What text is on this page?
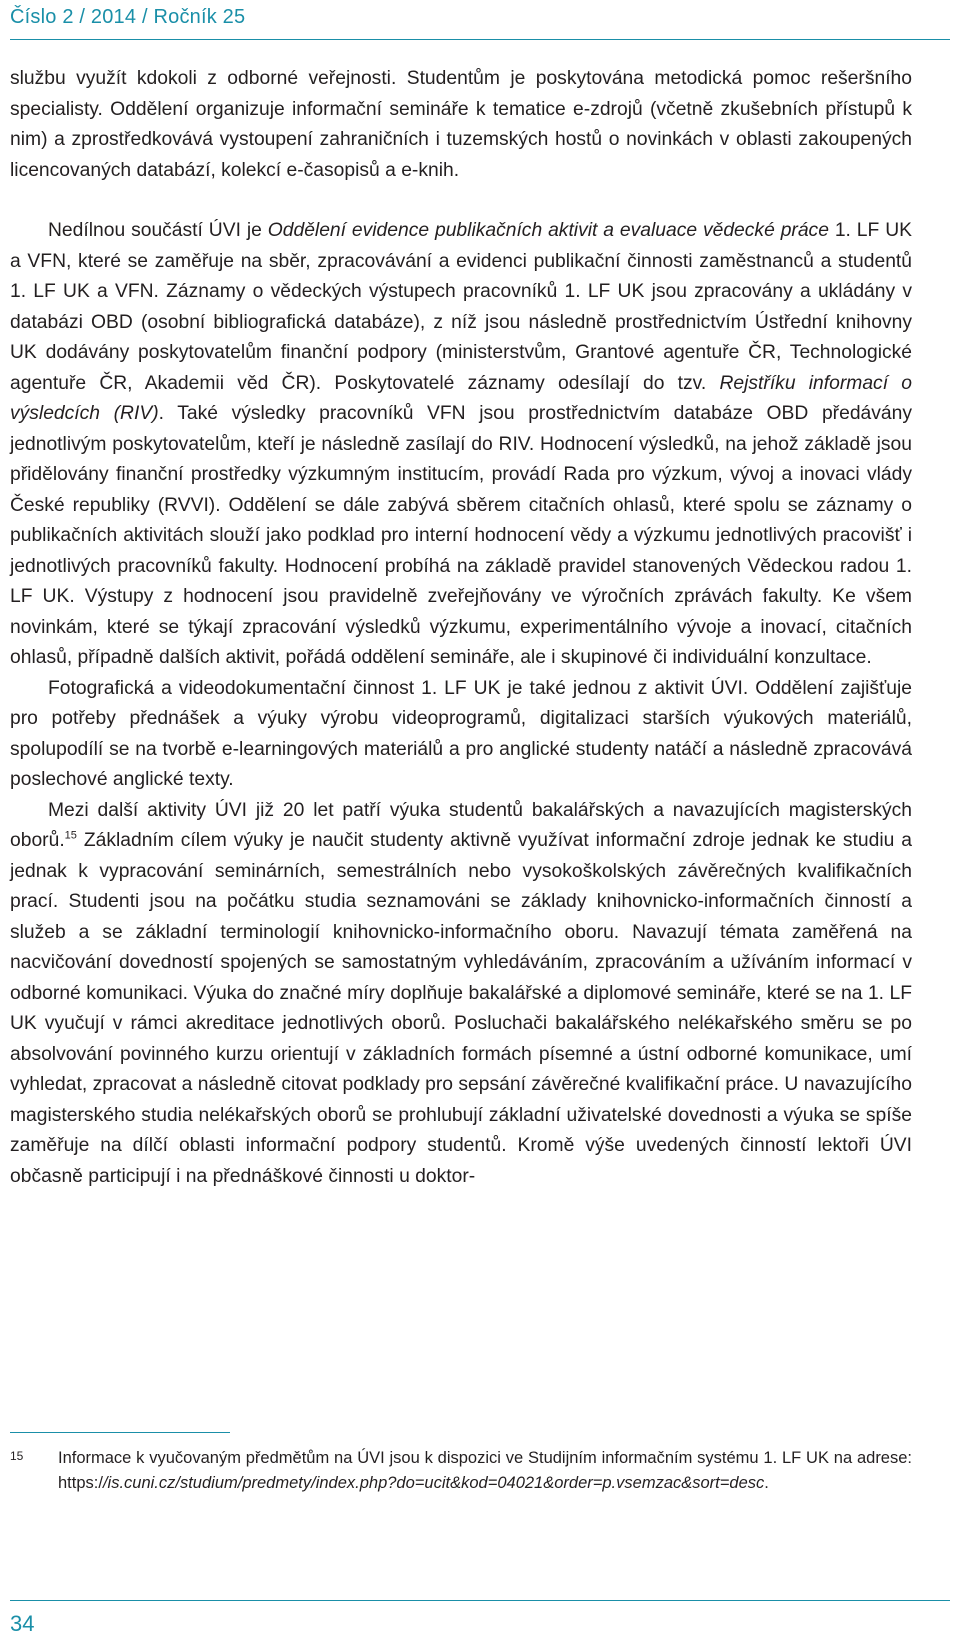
Číslo 2 / 2014 / Ročník 25

službu využít kdokoli z odborné veřejnosti. Studentům je poskytována metodická pomoc rešeršního specialisty. Oddělení organizuje informační semináře k tematice e-zdrojů (včetně zkušebních přístupů k nim) a zprostředkovává vystoupení zahraničních i tuzemských hostů o novinkách v oblasti zakoupených licencovaných databází, kolekcí e-časopisů a e-knih.

Nedílnou součástí ÚVI je Oddělení evidence publikačních aktivit a evaluace vědecké práce 1. LF UK a VFN, které se zaměřuje na sběr, zpracovávání a evidenci publikační činnosti zaměstnanců a studentů 1. LF UK a VFN. Záznamy o vědeckých výstupech pracovníků 1. LF UK jsou zpracovány a ukládány v databázi OBD (osobní bibliografická databáze), z níž jsou následně prostřednictvím Ústřední knihovny UK dodávány poskytovatelům finanční podpory (ministerstvům, Grantové agentuře ČR, Technologické agentuře ČR, Akademii věd ČR). Poskytovatelé záznamy odesílají do tzv. Rejstříku informací o výsledcích (RIV). Také výsledky pracovníků VFN jsou prostřednictvím databáze OBD předávány jednotlivým poskytovatelům, kteří je následně zasílají do RIV. Hodnocení výsledků, na jehož základě jsou přidělovány finanční prostředky výzkumným institucím, provádí Rada pro výzkum, vývoj a inovaci vlády České republiky (RVVI). Oddělení se dále zabývá sběrem citačních ohlasů, které spolu se záznamy o publikačních aktivitách slouží jako podklad pro interní hodnocení vědy a výzkumu jednotlivých pracovišť i jednotlivých pracovníků fakulty. Hodnocení probíhá na základě pravidel stanovených Vědeckou radou 1. LF UK. Výstupy z hodnocení jsou pravidelně zveřejňovány ve výročních zprávách fakulty. Ke všem novinkám, které se týkají zpracování výsledků výzkumu, experimentálního vývoje a inovací, citačních ohlasů, případně dalších aktivit, pořádá oddělení semináře, ale i skupinové či individuální konzultace.

Fotografická a videodokumentační činnost 1. LF UK je také jednou z aktivit ÚVI. Oddělení zajišťuje pro potřeby přednášek a výuky výrobu videoprogramů, digitalizaci starších výukových materiálů, spolupodílí se na tvorbě e-learningových materiálů a pro anglické studenty natáčí a následně zpracovává poslechové anglické texty.

Mezi další aktivity ÚVI již 20 let patří výuka studentů bakalářských a navazujících magisterských oborů.$^{15}$ Základním cílem výuky je naučit studenty aktivně využívat informační zdroje jednak ke studiu a jednak k vypracování seminárních, semestrálních nebo vysokoškolských závěrečných kvalifikačních prací. Studenti jsou na počátku studia seznamováni se základy knihovnicko-informačních činností a služeb a se základní terminologií knihovnicko-informačního oboru. Navazují témata zaměřená na nacvičování dovedností spojených se samostatným vyhledáváním, zpracováním a užíváním informací v odborné komunikaci. Výuka do značné míry doplňuje bakalářské a diplomové semináře, které se na 1. LF UK vyučují v rámci akreditace jednotlivých oborů. Posluchači bakalářského nelékařského směru se po absolvování povinného kurzu orientují v základních formách písemné a ústní odborné komunikace, umí vyhledat, zpracovat a následně citovat podklady pro sepsání závěrečné kvalifikační práce. U navazujícího magisterského studia nelékařských oborů se prohlubují základní uživatelské dovednosti a výuka se spíše zaměřuje na dílčí oblasti informační podpory studentů. Kromě výše uvedených činností lektoři ÚVI občasně participují i na přednáškové činnosti u doktor-

15 Informace k vyučovaným předmětům na ÚVI jsou k dispozici ve Studijním informačním systému 1. LF UK na adrese: https://is.cuni.cz/studium/predmety/index.php?do=ucit&kod=04021&order=p.vsemzac&sort=desc.
34
